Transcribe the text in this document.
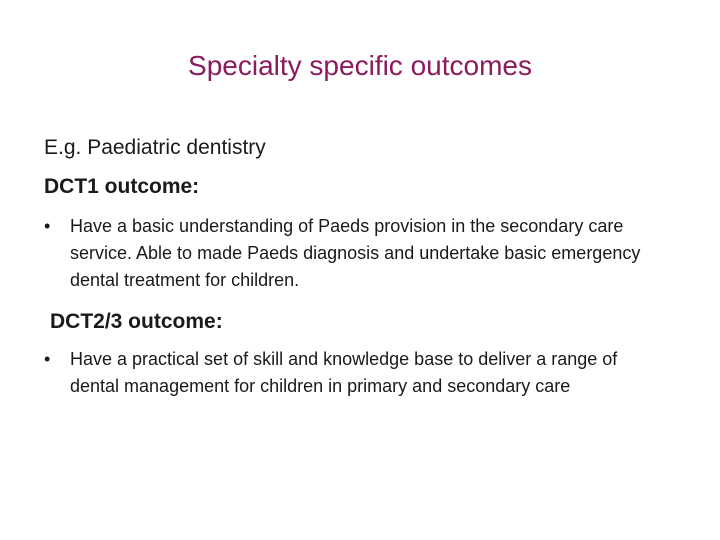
Specialty specific outcomes
E.g. Paediatric dentistry
DCT1 outcome:
•	Have a basic understanding of Paeds provision in the secondary care service. Able to made Paeds diagnosis and undertake basic emergency dental treatment for children.
DCT2/3 outcome:
•	Have a practical set of skill and knowledge base to deliver a range of dental management for children in primary and secondary care
